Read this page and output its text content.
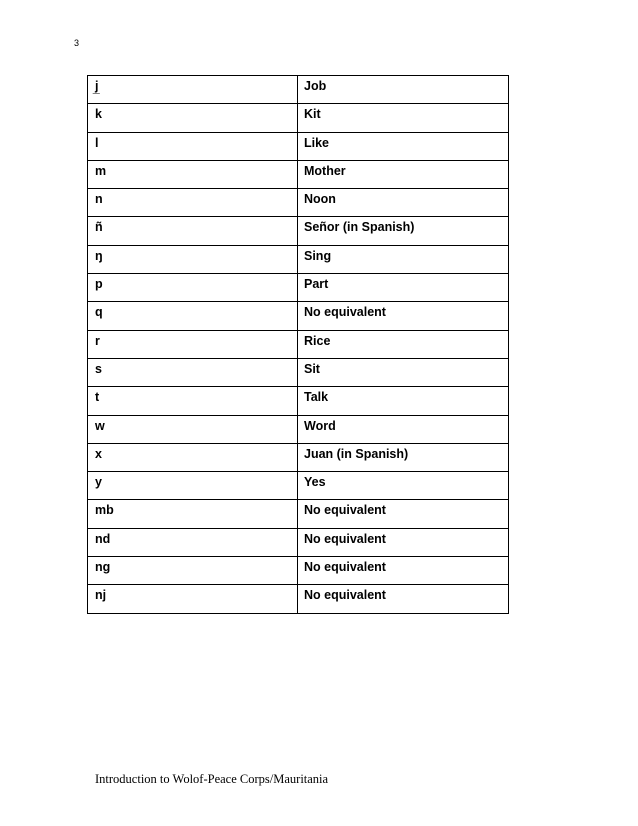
3
j̲	Job
k	Kit
l	Like
m	Mother
n	Noon
ñ	Señor (in Spanish)
ŋ	Sing
p	Part
q	No equivalent
r	Rice
s	Sit
t	Talk
w	Word
x	Juan (in Spanish)
y	Yes
mb	No equivalent
nd	No equivalent
ng	No equivalent
nj	No equivalent
Introduction to Wolof-Peace Corps/Mauritania
